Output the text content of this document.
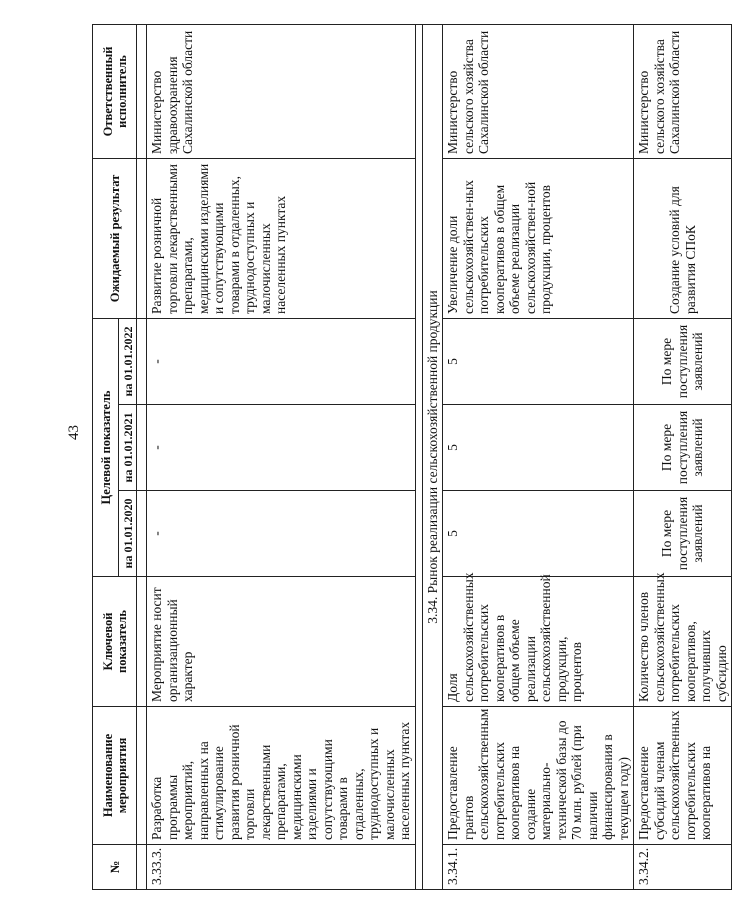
43
№	Наименование мероприятия	Ключевой показатель	Целевой показатель			Ожидаемый результат	Ответственный исполнитель
			на 01.01.2020	на 01.01.2021	на 01.01.2022		

3.33.3.	Разработка программы мероприятий, направленных на стимулирование развития розничной торговли лекарственными препаратами, медицинскими изделиями и сопутствующими товарами в отдаленных, труднодоступных и малочисленных населенных пунктах	Мероприятие носит организационный характер	-	-	-	Развитие розничной торговли лекарственными препаратами, медицинскими изделиями и сопутствующими товарами в отдаленных, труднодоступных и малочисленных населенных пунктах	Министерство здравоохранения Сахалинской области

3.34. Рынок реализации сельскохозяйственной продукции							
3.34.1.	Предоставление грантов сельскохозяйственным потребительских кооперативов на создание материально-технической базы до 70 млн. рублей (при наличии финансирования в текущем году)	Доля сельскохозяйственных потребительских кооперативов в общем объеме реализации сельскохозяйственной продукции, процентов	5	5	5	Увеличение доли сельскохозяйствен-ных потребительских кооперативов в общем объеме реализации сельскохозяйствен-ной продукции, процентов	Министерство сельского хозяйства Сахалинской области
3.34.2.	Предоставление субсидий членам сельскохозяйственных потребительских кооперативов на	Количество членов сельскохозяйственных потребительских кооперативов, получивших субсидию	По мере поступления заявлений	По мере поступления заявлений	По мере поступления заявлений	Создание условий для развития СПоК	Министерство сельского хозяйства Сахалинской области
